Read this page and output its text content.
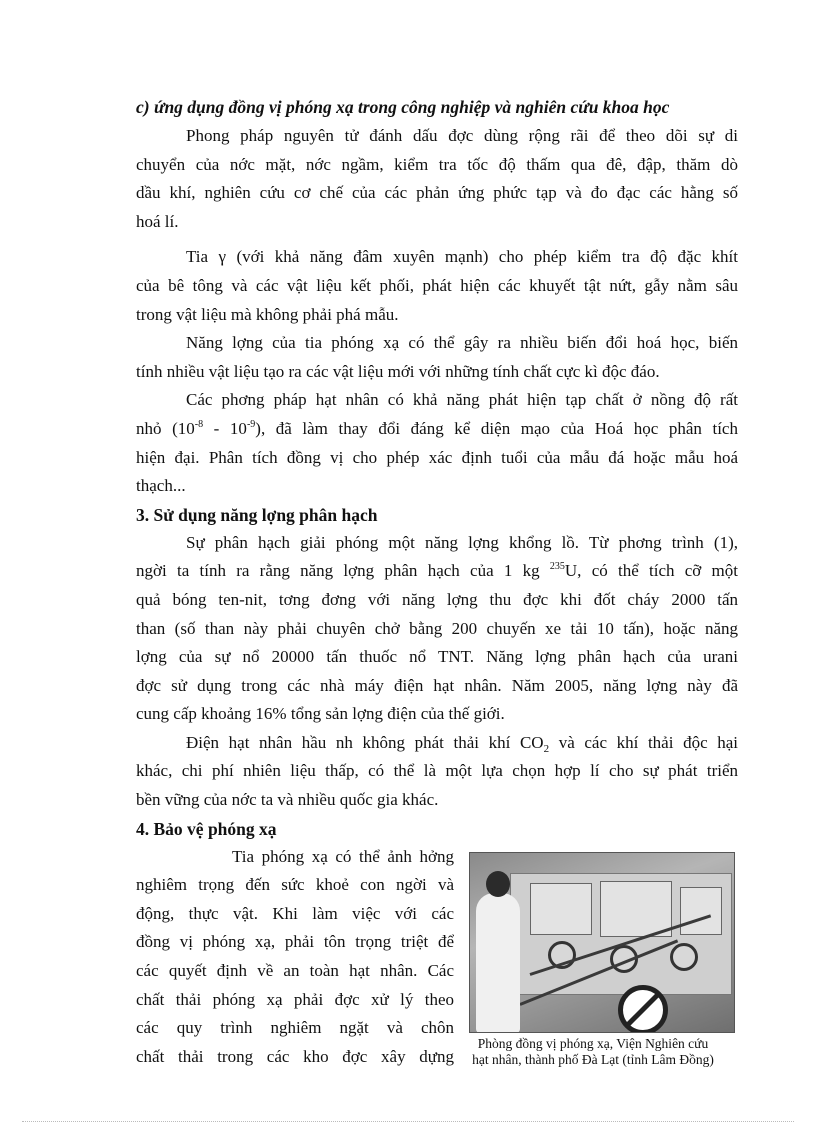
c) ứng dụng đồng vị phóng xạ trong công nghiệp và nghiên cứu khoa học
Phong pháp nguyên tử đánh dấu đợc dùng rộng rãi để theo dõi sự di
chuyển của nớc mặt, nớc ngầm, kiểm tra tốc độ thấm qua đê, đập, thăm dò
dầu khí, nghiên cứu cơ chế của các phản ứng phức tạp và đo đạc các hằng số
hoá lí.
Tia γ (với khả năng đâm xuyên mạnh) cho phép kiểm tra độ đặc khít
của bê tông và các vật liệu kết phối, phát hiện các khuyết tật nứt, gẫy nằm sâu
trong vật liệu mà không phải phá mẫu.
Năng lợng của tia phóng xạ có thể gây ra nhiều biến đổi hoá học, biến
tính nhiều vật liệu tạo ra các vật liệu mới với những tính chất cực kì độc đáo.
Các phơng pháp hạt nhân có khả năng phát hiện tạp chất ở nồng độ rất
nhỏ $(10^{-8} - 10^{-9})$, đã làm thay đổi đáng kể diện mạo của Hoá học phân tích
hiện đại. Phân tích đồng vị cho phép xác định tuổi của mẫu đá hoặc mẫu hoá
thạch...
3. Sử dụng năng lợng phân hạch
Sự phân hạch giải phóng một năng lợng khổng lồ. Từ phơng trình (1),
ngời ta tính ra rằng năng lợng phân hạch của 1 kg $^{235}$U, có thể tích cỡ một
quả bóng ten-nit, tơng đơng với năng lợng thu đợc khi đốt cháy 2000 tấn
than (số than này phải chuyên chở bằng 200 chuyến xe tải 10 tấn), hoặc năng
lợng của sự nổ 20000 tấn thuốc nổ TNT. Năng lợng phân hạch của urani
đợc sử dụng trong các nhà máy điện hạt nhân. Năm 2005, năng lợng này đã
cung cấp khoảng 16% tổng sản lợng điện của thế giới.
Điện hạt nhân hầu nh không phát thải khí $CO_2$ và các khí thải độc hại
khác, chi phí nhiên liệu thấp, có thể là một lựa chọn hợp lí cho sự phát triển
bền vững của nớc ta và nhiều quốc gia khác.
4. Bảo vệ phóng xạ
Tia phóng xạ có thể ảnh hởng
nghiêm trọng đến sức khoẻ con ngời và
động, thực vật. Khi làm việc với các
đồng vị phóng xạ, phải tôn trọng triệt để
các quyết định về an toàn hạt nhân. Các
chất thải phóng xạ phải đợc xử lý theo
các quy trình nghiêm ngặt và chôn
chất thải trong các kho đợc xây dựng
Phòng đồng vị phóng xạ, Viện Nghiên cứu
hạt nhân, thành phố Đà Lạt (tỉnh Lâm Đồng)
